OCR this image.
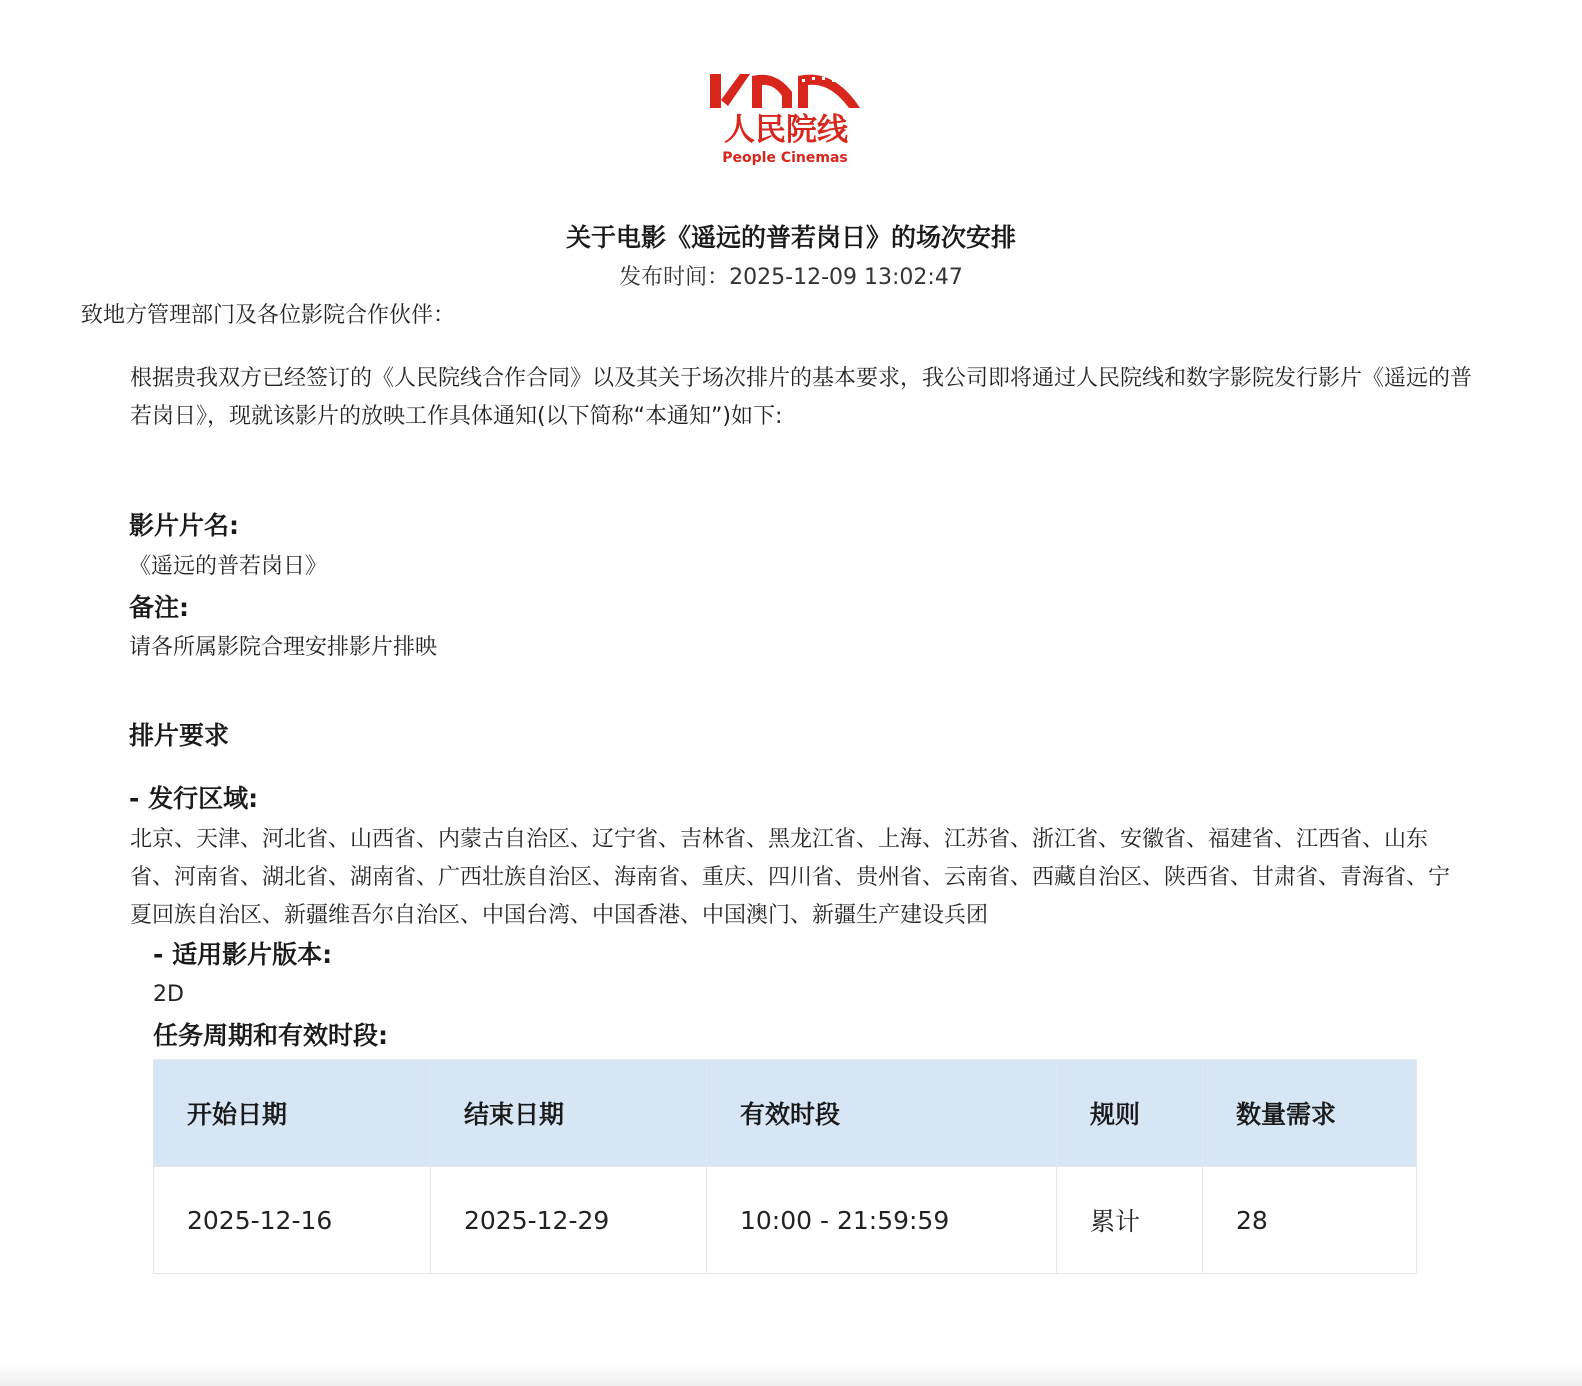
人民院线
People Cinemas
关于电影《遥远的普若岗日》的场次安排
发布时间：2025-12-09 13:02:47
致地方管理部门及各位影院合作伙伴：
根据贵我双方已经签订的《人民院线合作合同》以及其关于场次排片的基本要求，我公司即将通过人民院线和数字影院发行影片《遥远的普若岗日》，现就该影片的放映工作具体通知(以下简称“本通知”)如下:
影片片名:
《遥远的普若岗日》
备注:
请各所属影院合理安排影片排映
排片要求
- 发行区域:
北京、天津、河北省、山西省、内蒙古自治区、辽宁省、吉林省、黑龙江省、上海、江苏省、浙江省、安徽省、福建省、江西省、山东省、河南省、湖北省、湖南省、广西壮族自治区、海南省、重庆、四川省、贵州省、云南省、西藏自治区、陕西省、甘肃省、青海省、宁夏回族自治区、新疆维吾尔自治区、中国台湾、中国香港、中国澳门、新疆生产建设兵团
- 适用影片版本:
2D
任务周期和有效时段:
开始日期	结束日期	有效时段	规则	数量需求
2025-12-16	2025-12-29	10:00 - 21:59:59	累计	28
